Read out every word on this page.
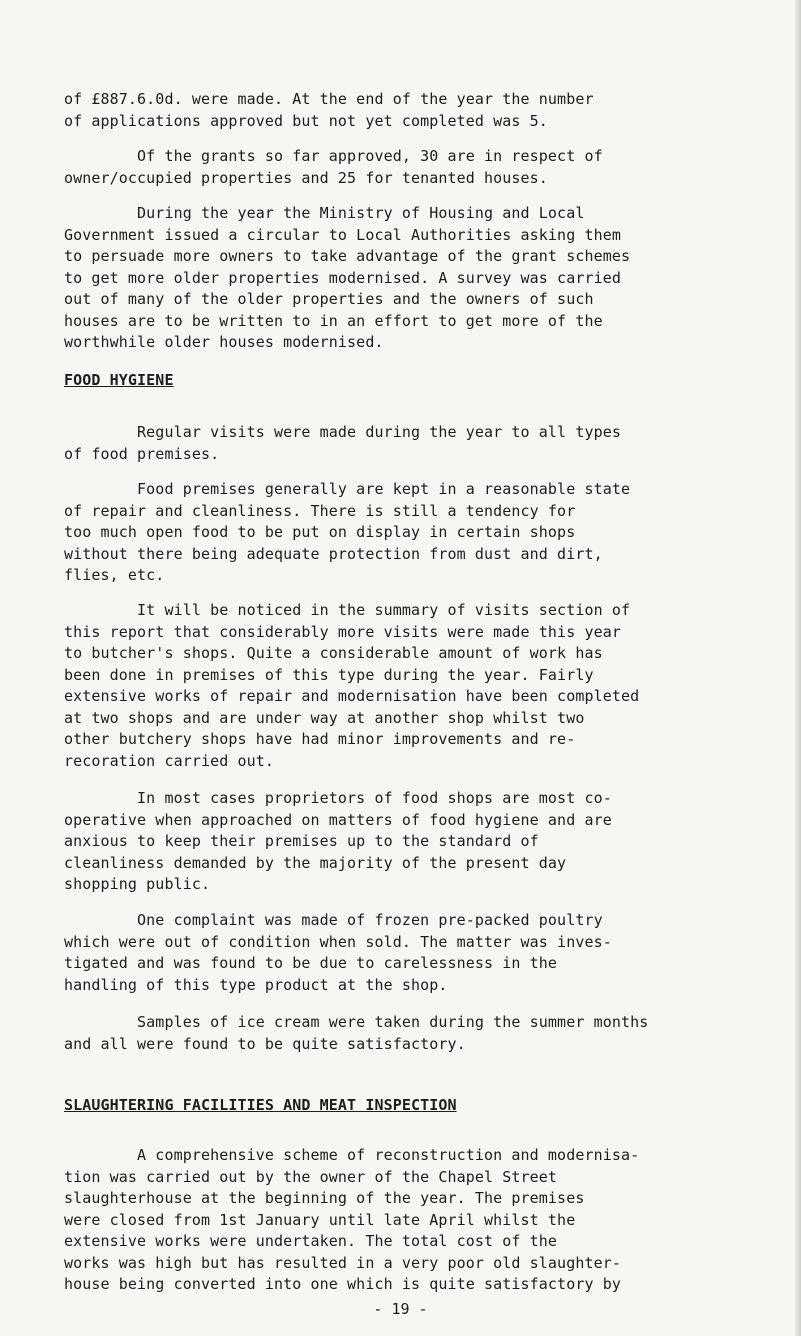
of £887.6.0d. were made. At the end of the year the number
of applications approved but not yet completed was 5.

Of the grants so far approved, 30 are in respect of
owner/occupied properties and 25 for tenanted houses.

During the year the Ministry of Housing and Local
Government issued a circular to Local Authorities asking them
to persuade more owners to take advantage of the grant schemes
to get more older properties modernised. A survey was carried
out of many of the older properties and the owners of such
houses are to be written to in an effort to get more of the
worthwhile older houses modernised.

FOOD HYGIENE

Regular visits were made during the year to all types
of food premises.

Food premises generally are kept in a reasonable state
of repair and cleanliness. There is still a tendency for
too much open food to be put on display in certain shops
without there being adequate protection from dust and dirt,
flies, etc.

It will be noticed in the summary of visits section of
this report that considerably more visits were made this year
to butcher's shops. Quite a considerable amount of work has
been done in premises of this type during the year. Fairly
extensive works of repair and modernisation have been completed
at two shops and are under way at another shop whilst two
other butchery shops have had minor improvements and re-
recoration carried out.

In most cases proprietors of food shops are most co-
operative when approached on matters of food hygiene and are
anxious to keep their premises up to the standard of
cleanliness demanded by the majority of the present day
shopping public.

One complaint was made of frozen pre-packed poultry
which were out of condition when sold. The matter was inves-
tigated and was found to be due to carelessness in the
handling of this type product at the shop.

Samples of ice cream were taken during the summer months
and all were found to be quite satisfactory.

SLAUGHTERING FACILITIES AND MEAT INSPECTION

A comprehensive scheme of reconstruction and modernisa-
tion was carried out by the owner of the Chapel Street
slaughterhouse at the beginning of the year. The premises
were closed from 1st January until late April whilst the
extensive works were undertaken. The total cost of the
works was high but has resulted in a very poor old slaughter-
house being converted into one which is quite satisfactory by

- 19 -
